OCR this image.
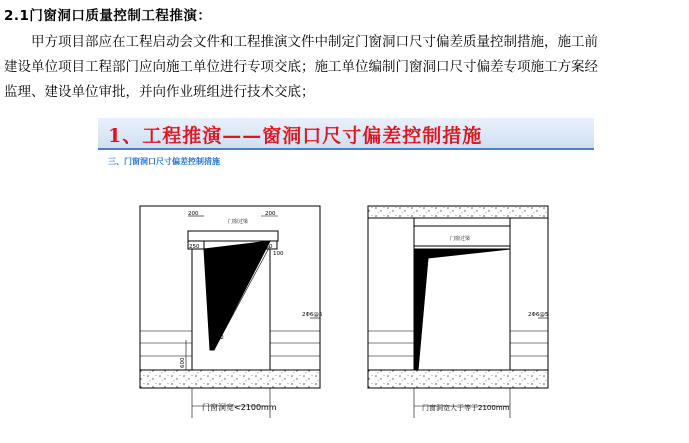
2.1门窗洞口质量控制工程推演：
甲方项目部应在工程启动会文件和工程推演文件中制定门窗洞口尺寸偏差质量控制措施，施工前
建设单位项目工程部门应向施工单位进行专项交底；施工单位编制门窗洞口尺寸偏差专项施工方案经
监理、建设单位审批，并向作业班组进行技术交底；
1、工程推演——窗洞口尺寸偏差控制措施
三、门窗洞口尺寸偏差控制措施
200	200
门窗过梁
250	250
100
2Φ12
2Φ6@5
600
门窗洞宽<2100mm
门窗过梁
2Φ6@5
门窗洞宽大于等于2100mm
